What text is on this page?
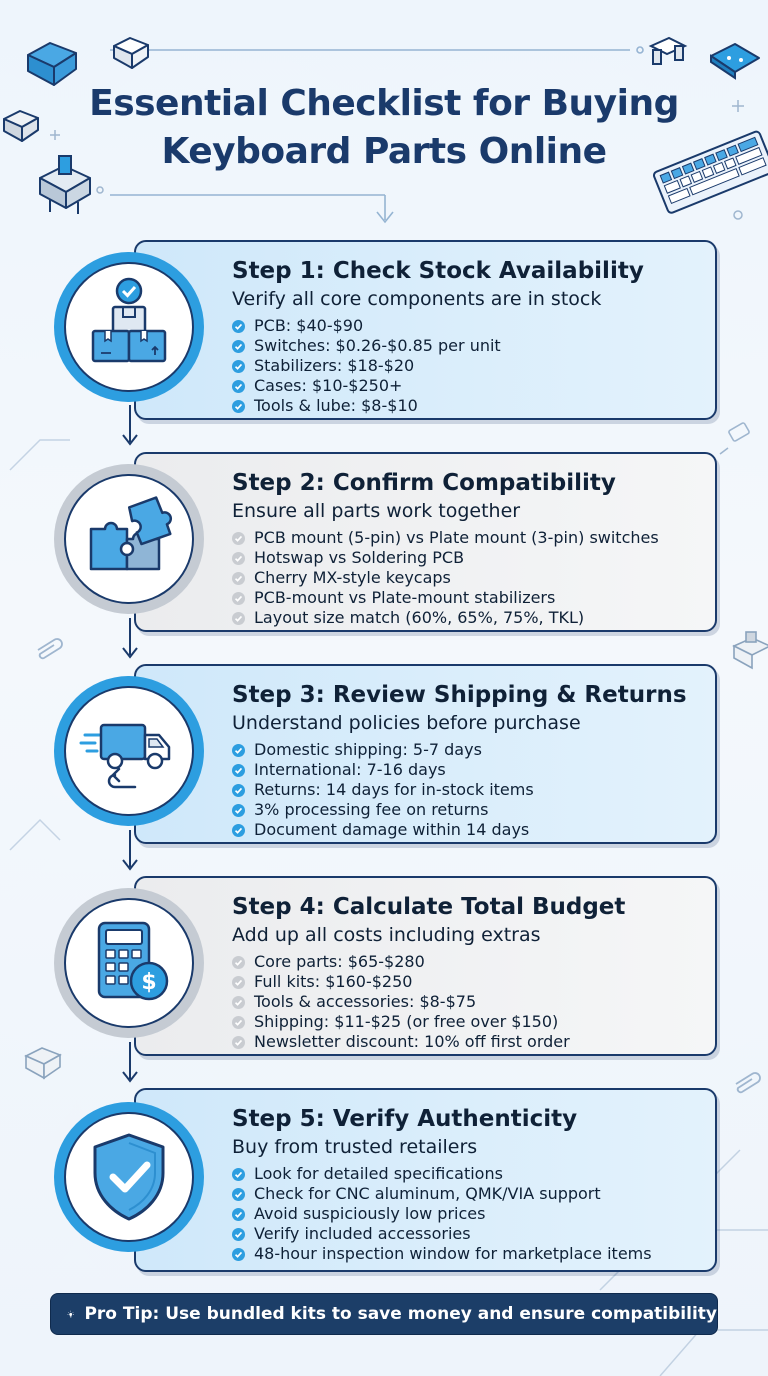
Essential Checklist for Buying
Keyboard Parts Online
Step 1: Check Stock Availability
Verify all core components are in stock
PCB: $40-$90
Switches: $0.26-$0.85 per unit
Stabilizers: $18-$20
Cases: $10-$250+
Tools & lube: $8-$10
Step 2: Confirm Compatibility
Ensure all parts work together
PCB mount (5-pin) vs Plate mount (3-pin) switches
Hotswap vs Soldering PCB
Cherry MX-style keycaps
PCB-mount vs Plate-mount stabilizers
Layout size match (60%, 65%, 75%, TKL)
Step 3: Review Shipping & Returns
Understand policies before purchase
Domestic shipping: 5-7 days
International: 7-16 days
Returns: 14 days for in-stock items
3% processing fee on returns
Document damage within 14 days
Step 4: Calculate Total Budget
Add up all costs including extras
Core parts: $65-$280
Full kits: $160-$250
Tools & accessories: $8-$75
Shipping: $11-$25 (or free over $150)
Newsletter discount: 10% off first order
$
Step 5: Verify Authenticity
Buy from trusted retailers
Look for detailed specifications
Check for CNC aluminum, QMK/VIA support
Avoid suspiciously low prices
Verify included accessories
48-hour inspection window for marketplace items
Pro Tip: Use bundled kits to save money and ensure compatibility
